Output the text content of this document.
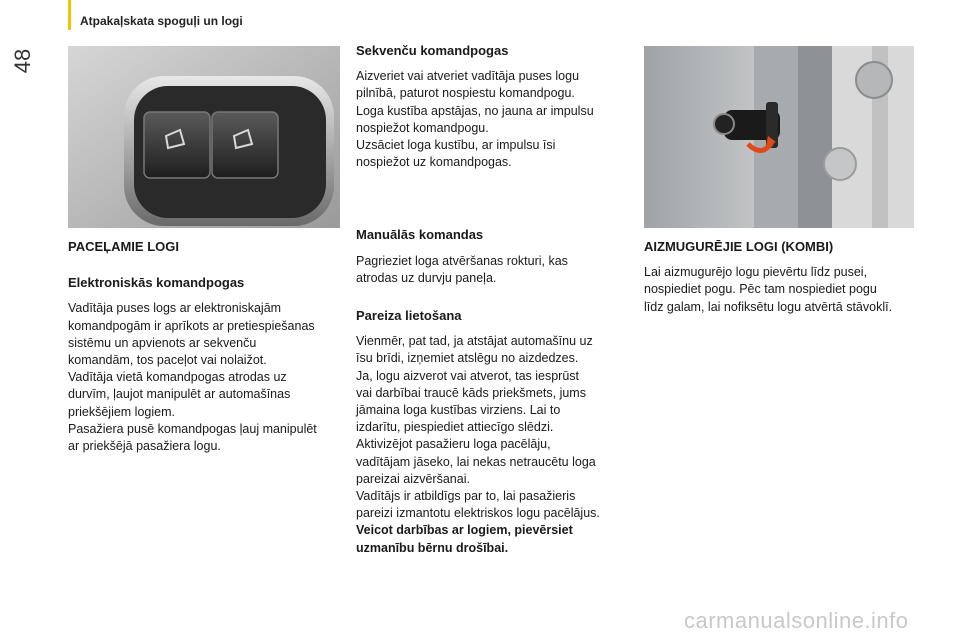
48
Atpakaļskata spoguļi un logi
PACEĻAMIE LOGI
Elektroniskās komandpogas

Vadītāja puses logs ar elektroniskajām

komandpogām ir aprīkots ar pretiespiešanas

sistēmu un apvienots ar sekvenču

komandām, tos paceļot vai nolaižot.

Vadītāja vietā komandpogas atrodas uz

durvīm, ļaujot manipulēt ar automašīnas

priekšējiem logiem.

Pasažiera pusē komandpogas ļauj manipulēt

ar priekšējā pasažiera logu.

Sekvenču komandpogas

Aizveriet vai atveriet vadītāja puses logu

pilnībā, paturot nospiestu komandpogu.

Loga kustība apstājas, no jauna ar impulsu

nospiežot komandpogu.

Uzsāciet loga kustību, ar impulsu īsi

nospiežot uz komandpogas.

Manuālās komandas

Pagrieziet loga atvēršanas rokturi, kas

atrodas uz durvju paneļa.

Pareiza lietošana

Vienmēr, pat tad, ja atstājat automašīnu uz

īsu brīdi, izņemiet atslēgu no aizdedzes.

Ja, logu aizverot vai atverot, tas iesprūst

vai darbībai traucē kāds priekšmets, jums

jāmaina loga kustības virziens. Lai to

izdarītu, piespiediet attiecīgo slēdzi.

Aktivizējot pasažieru loga pacēlāju,

vadītājam jāseko, lai nekas netraucētu loga

pareizai aizvēršanai.

Vadītājs ir atbildīgs par to, lai pasažieris

pareizi izmantotu elektriskos logu pacēlājus.

Veicot darbības ar logiem, pievērsiet

uzmanību bērnu drošībai.

AIZMUGURĒJIE LOGI (KOMBI)

Lai aizmugurējo logu pievērtu līdz pusei,

nospiediet pogu. Pēc tam nospiediet pogu

līdz galam, lai nofiksētu logu atvērtā stāvoklī.

carmanualsonline.info
